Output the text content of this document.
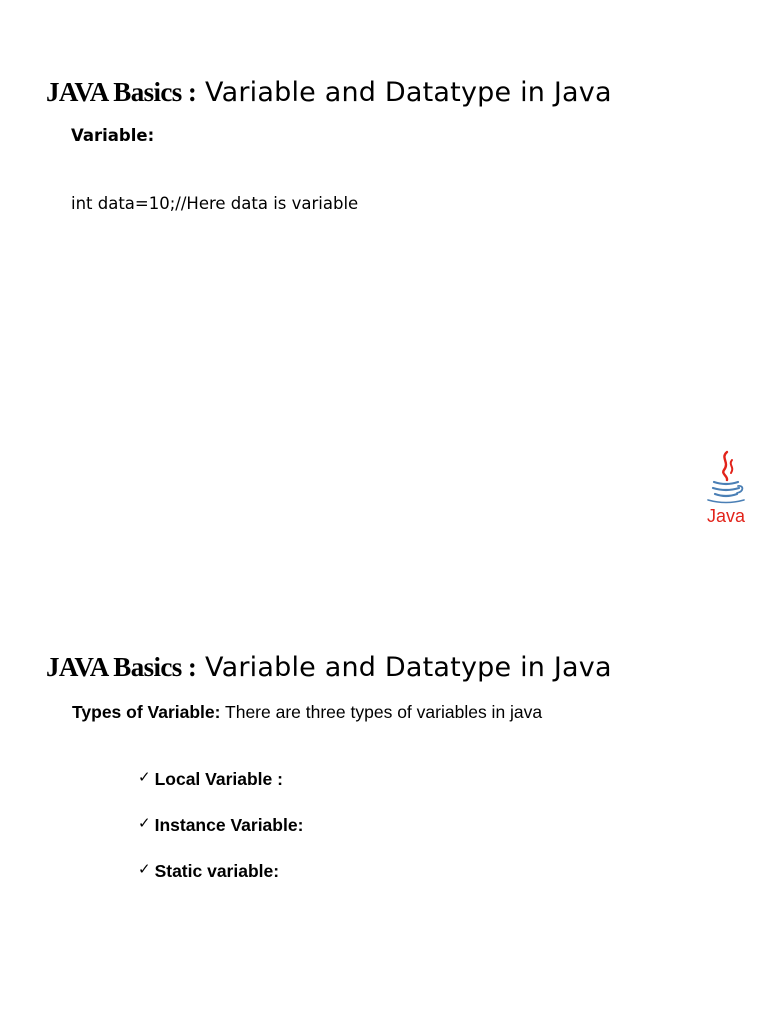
JAVA Basics : Variable and Datatype in Java
Variable:
int data=10;//Here data is variable
Java
JAVA Basics : Variable and Datatype in Java
Types of Variable: There are three types of variables in java
✓ Local Variable :
✓ Instance Variable:
✓ Static variable:
